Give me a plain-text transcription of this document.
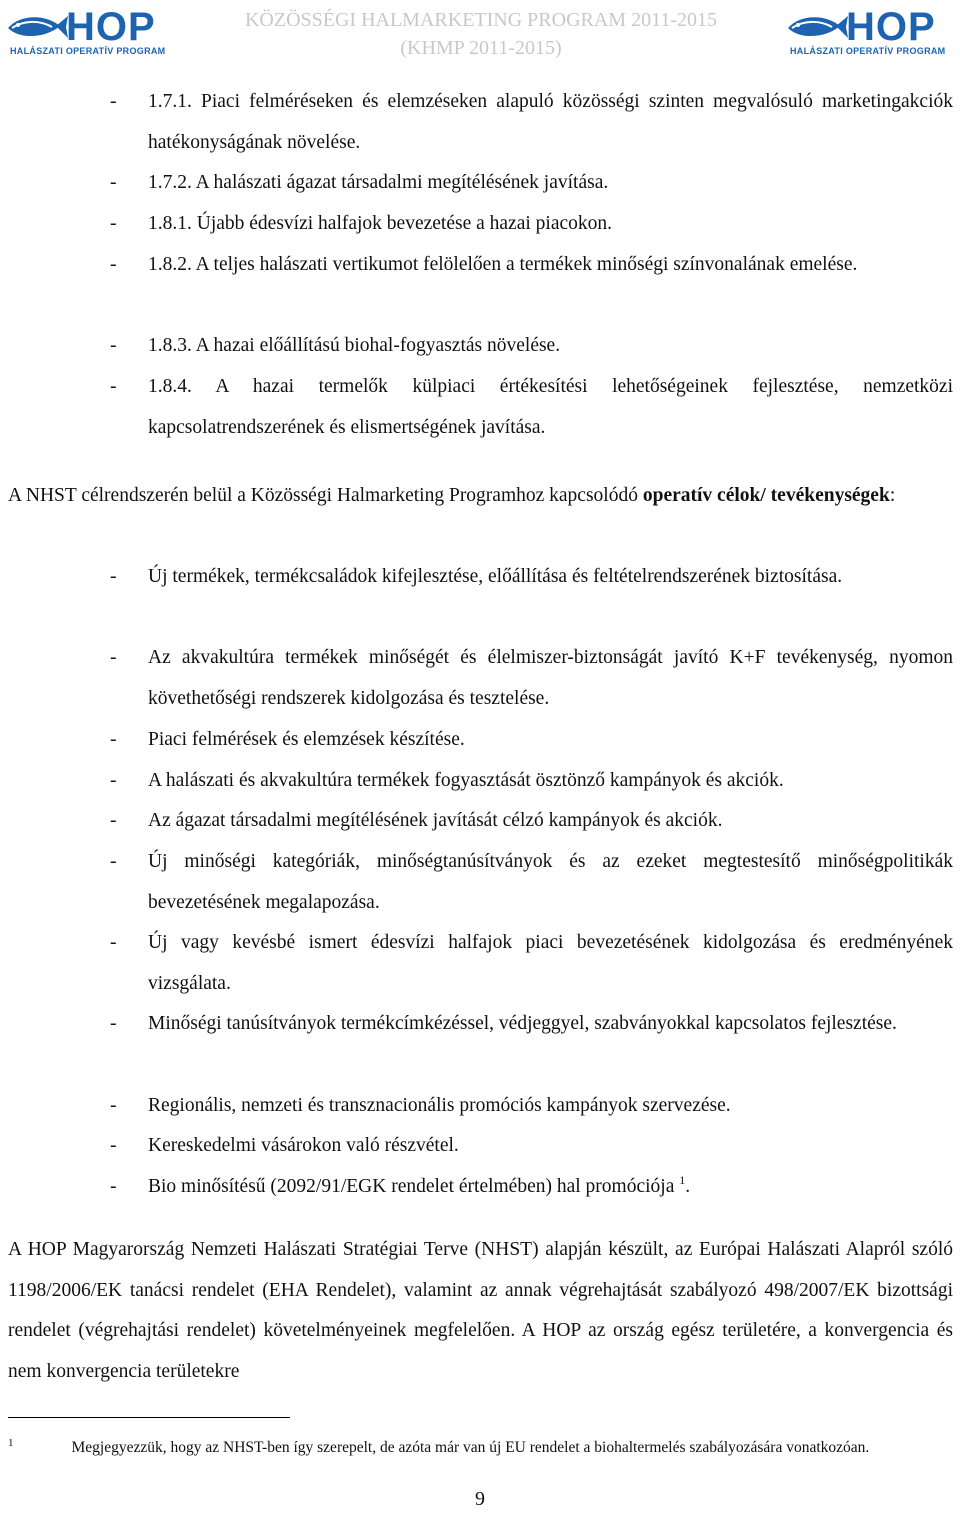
HOP
HALÁSZATI OPERATÍV PROGRAM
KÖZÖSSÉGI HALMARKETING PROGRAM 2011-2015
(KHMP 2011-2015)	HOP
HALÁSZATI OPERATÍV PROGRAM
- 1.7.1. Piaci felméréseken és elemzéseken alapuló közösségi szinten megvalósuló marketingakciók hatékonyságának növelése.
- 1.7.2. A halászati ágazat társadalmi megítélésének javítása.
- 1.8.1. Újabb édesvízi halfajok bevezetése a hazai piacokon.
- 1.8.2. A teljes halászati vertikumot felölelően a termékek minőségi színvonalának emelése.
- 1.8.3. A hazai előállítású biohal-fogyasztás növelése.
- 1.8.4. A hazai termelők külpiaci értékesítési lehetőségeinek fejlesztése, nemzetközi kapcsolatrendszerének és elismertségének javítása.
A NHST célrendszerén belül a Közösségi Halmarketing Programhoz kapcsolódó operatív célok/ tevékenységek:
- Új termékek, termékcsaládok kifejlesztése, előállítása és feltételrendszerének biztosítása.
- Az akvakultúra termékek minőségét és élelmiszer-biztonságát javító K+F tevékenység, nyomon követhetőségi rendszerek kidolgozása és tesztelése.
- Piaci felmérések és elemzések készítése.
- A halászati és akvakultúra termékek fogyasztását ösztönző kampányok és akciók.
- Az ágazat társadalmi megítélésének javítását célzó kampányok és akciók.
- Új minőségi kategóriák, minőségtanúsítványok és az ezeket megtestesítő minőségpolitikák bevezetésének megalapozása.
- Új vagy kevésbé ismert édesvízi halfajok piaci bevezetésének kidolgozása és eredményének vizsgálata.
- Minőségi tanúsítványok termékcímkézéssel, védjeggyel, szabványokkal kapcsolatos fejlesztése.
- Regionális, nemzeti és transznacionális promóciós kampányok szervezése.
- Kereskedelmi vásárokon való részvétel.
- Bio minősítésű (2092/91/EGK rendelet értelmében) hal promóciója $^1$.
A HOP Magyarország Nemzeti Halászati Stratégiai Terve (NHST) alapján készült, az Európai Halászati Alapról szóló 1198/2006/EK tanácsi rendelet (EHA Rendelet), valamint az annak végrehajtását szabályozó 498/2007/EK bizottsági rendelet (végrehajtási rendelet) követelményeinek megfelelően. A HOP az ország egész területére, a konvergencia és nem konvergencia területekre
$^1$	Megjegyezzük, hogy az NHST-ben így szerepelt, de azóta már van új EU rendelet a biohaltermelés szabályozására vonatkozóan.
9
